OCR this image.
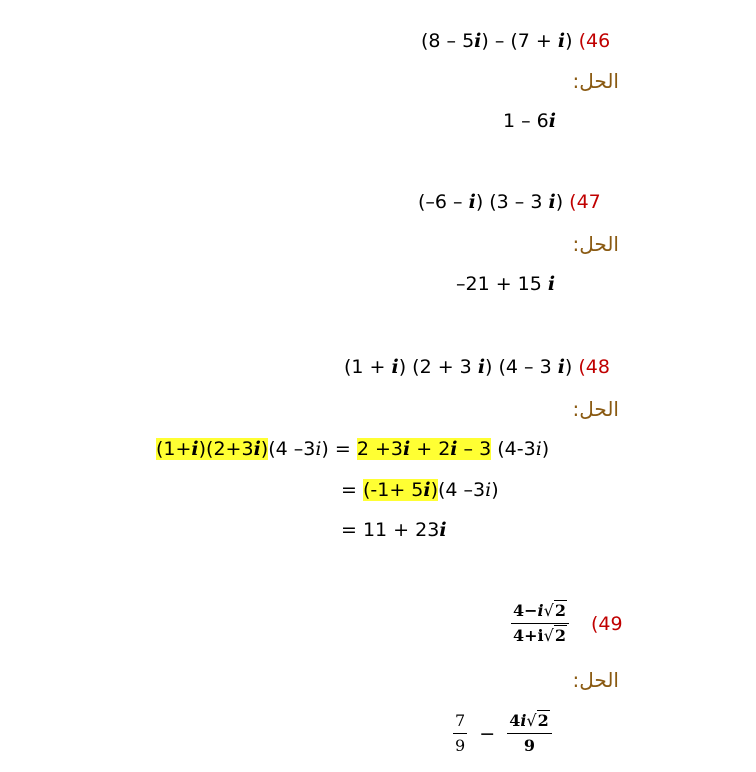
(8 – 5i) – (7 + i) (46
الحل:
1 – 6i
(–6 – i) (3 – 3 i) (47
الحل:
–21 + 15 i
(1 + i) (2 + 3 i) (4 – 3 i) (48
الحل:
(1+i)(2+3i)(4 –3i) = 2 +3i + 2i – 3 (4-3i)
= (-1+ 5i)(4 –3i)
= 11 + 23i
$\frac{4-i√2}{4+i√2} (49$
الحل:
$\frac{7}{9} - \frac{4i√2}{9}$
